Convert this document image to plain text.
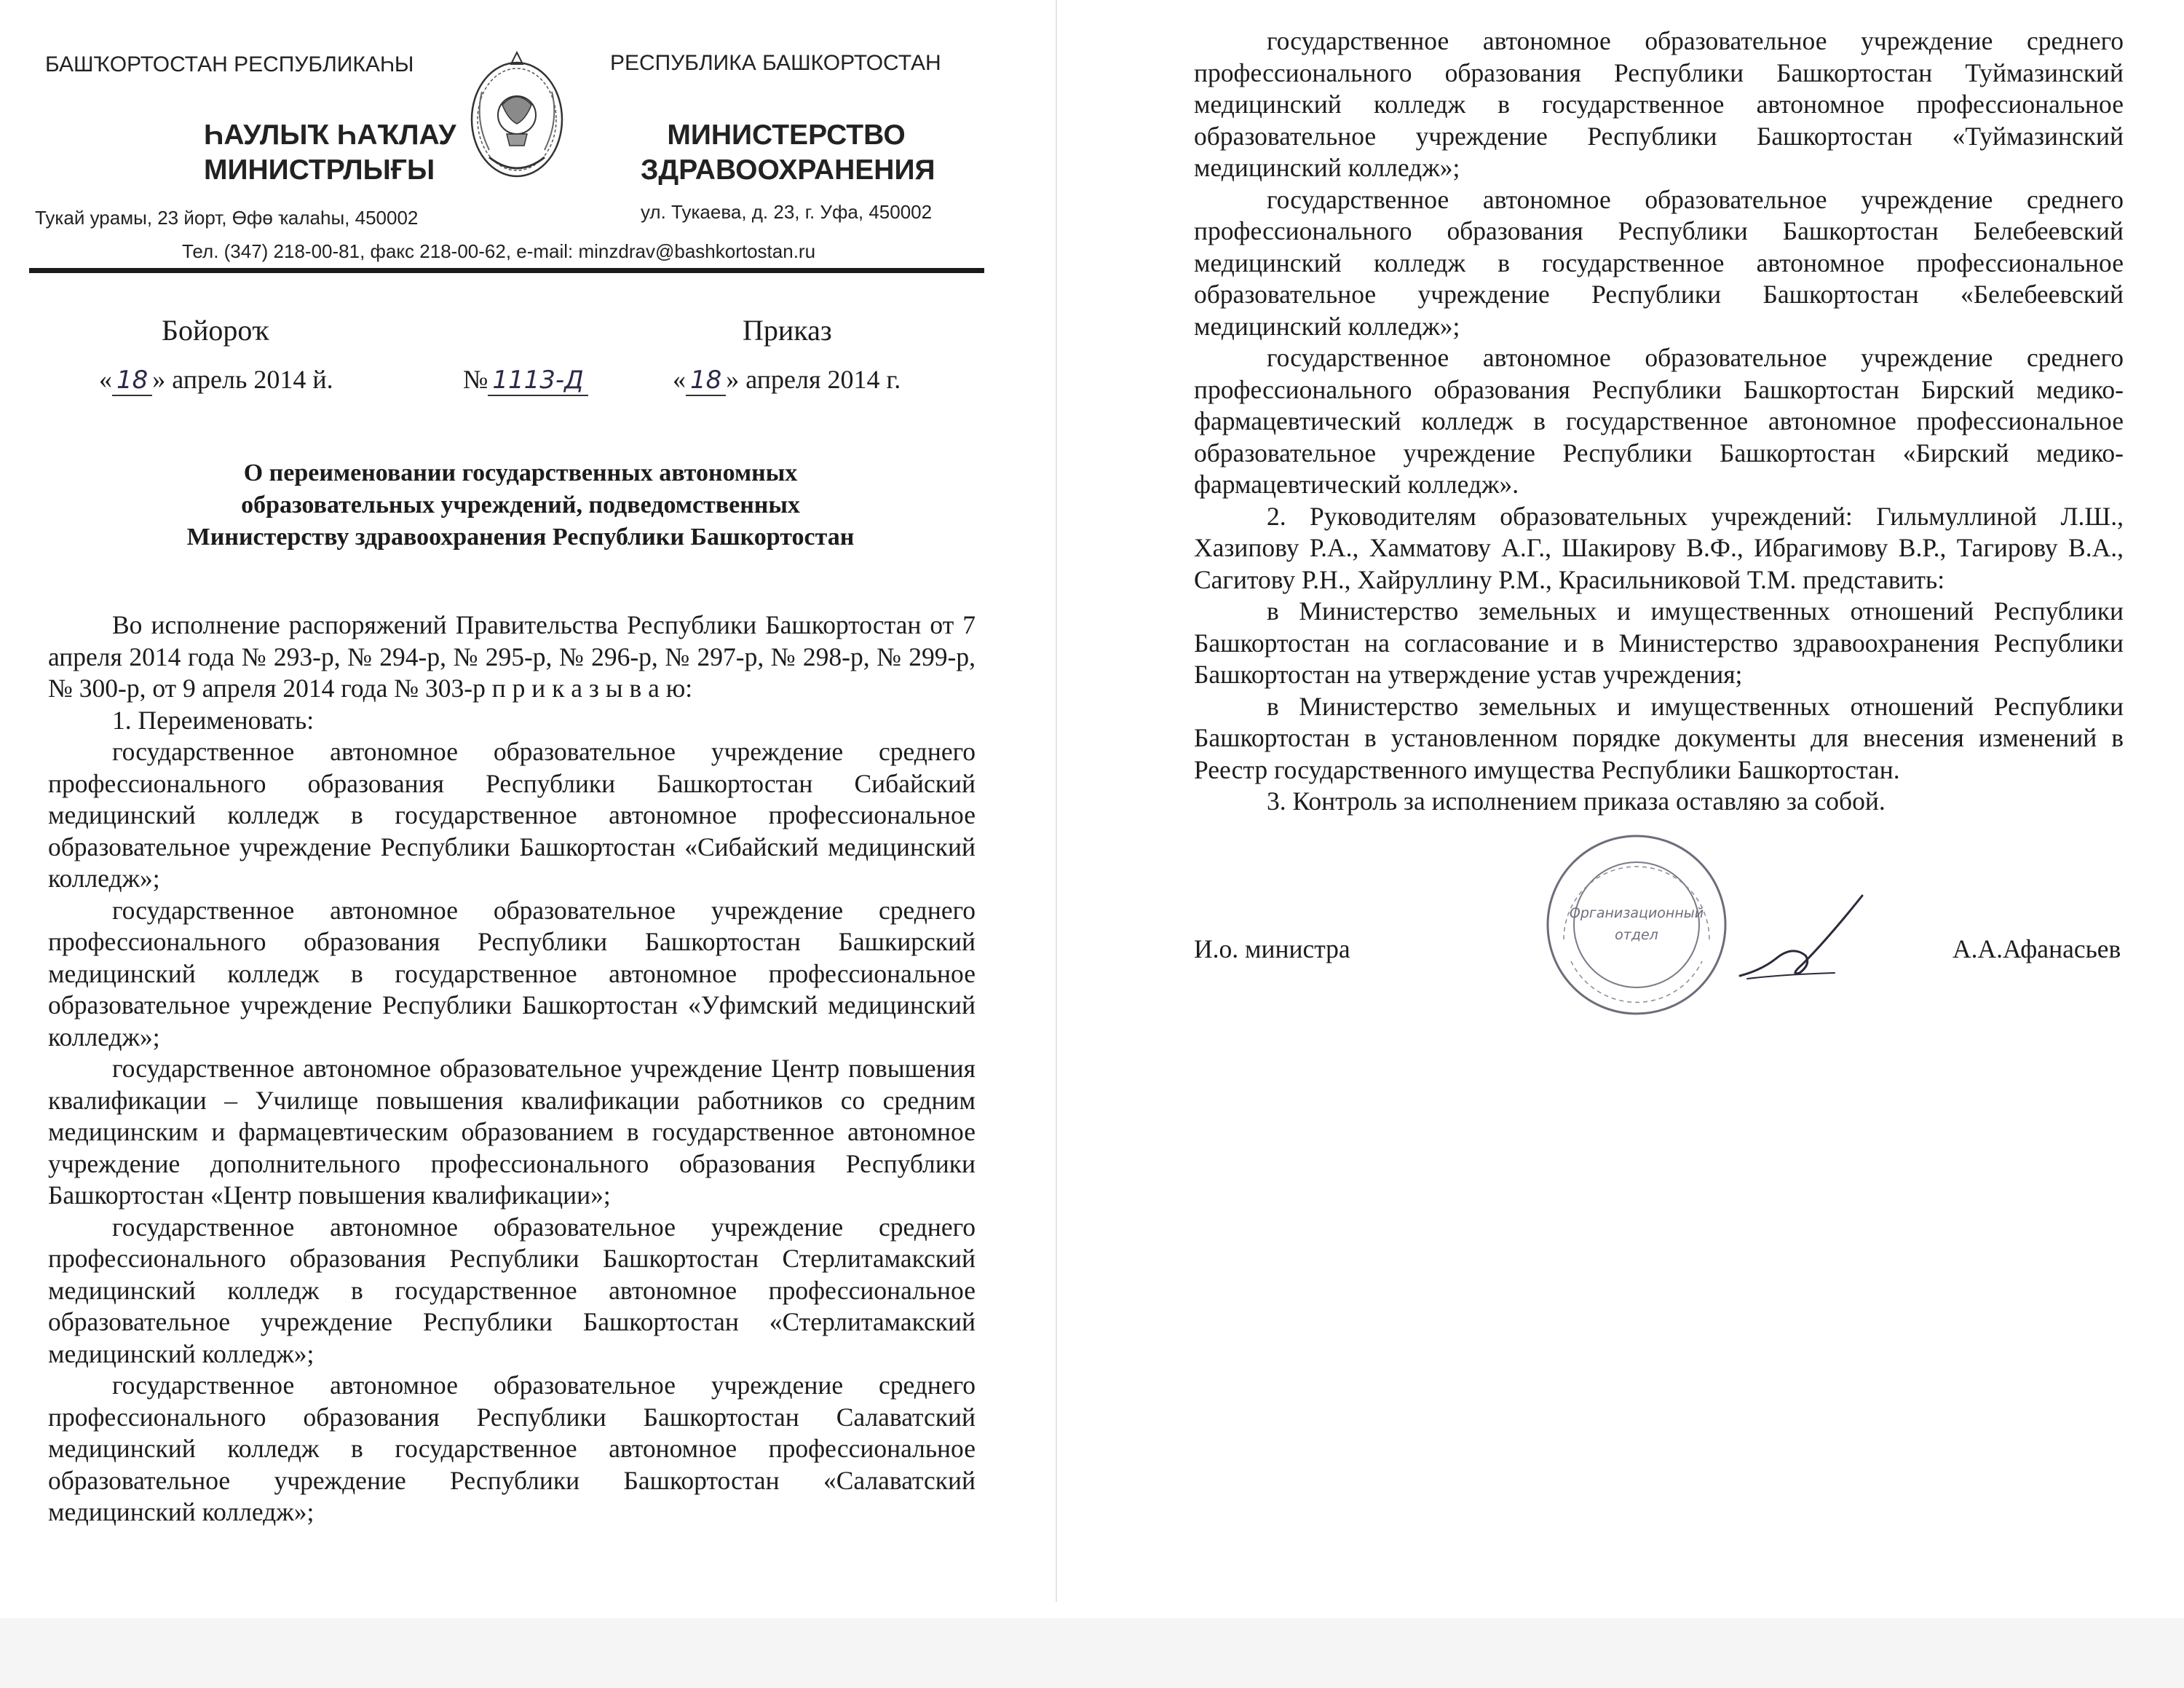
БАШҠОРТОСТАН РЕСПУБЛИКАҺЫ	РЕСПУБЛИКА БАШКОРТОСТАН
ҺАУЛЫҠ ҺАҠЛАУ
МИНИСТРЛЫҒЫ
МИНИСТЕРСТВО
ЗДРАВООХРАНЕНИЯ
Тукай урамы, 23 йорт, Өфө ҡалаһы, 450002	ул. Тукаева, д. 23, г. Уфа, 450002
Тел. (347) 218-00-81, факс 218-00-62, e-mail: minzdrav@bashkortostan.ru
Бойороҡ	Приказ
« 18 » апрель 2014 й.	№ 1113-Д	« 18 » апреля 2014 г.
О переименовании государственных автономных
образовательных учреждений, подведомственных
Министерству здравоохранения Республики Башкортостан

Во исполнение распоряжений Правительства Республики Башкортостан от 7 апреля 2014 года № 293-р, № 294-р, № 295-р, № 296-р, № 297-р, № 298-р, № 299-р, № 300-р, от 9 апреля 2014 года № 303-р п р и к а з ы в а ю:

1. Переименовать:

государственное автономное образовательное учреждение среднего профессионального образования Республики Башкортостан Сибайский медицинский колледж в государственное автономное профессиональное образовательное учреждение Республики Башкортостан «Сибайский медицинский колледж»;

государственное автономное образовательное учреждение среднего профессионального образования Республики Башкортостан Башкирский медицинский колледж в государственное автономное профессиональное образовательное учреждение Республики Башкортостан «Уфимский медицинский колледж»;

государственное автономное образовательное учреждение Центр повышения квалификации – Училище повышения квалификации работников со средним медицинским и фармацевтическим образованием в государственное автономное учреждение дополнительного профессионального образования Республики Башкортостан «Центр повышения квалификации»;

государственное автономное образовательное учреждение среднего профессионального образования Республики Башкортостан Стерлитамакский медицинский колледж в государственное автономное профессиональное образовательное учреждение Республики Башкортостан «Стерлитамакский медицинский колледж»;

государственное автономное образовательное учреждение среднего профессионального образования Республики Башкортостан Салаватский медицинский колледж в государственное автономное профессиональное образовательное учреждение Республики Башкортостан «Салаватский медицинский колледж»;

государственное автономное образовательное учреждение среднего профессионального образования Республики Башкортостан Туймазинский медицинский колледж в государственное автономное профессиональное образовательное учреждение Республики Башкортостан «Туймазинский медицинский колледж»;

государственное автономное образовательное учреждение среднего профессионального образования Республики Башкортостан Белебеевский медицинский колледж в государственное автономное профессиональное образовательное учреждение Республики Башкортостан «Белебеевский медицинский колледж»;

государственное автономное образовательное учреждение среднего профессионального образования Республики Башкортостан Бирский медико-фармацевтический колледж в государственное автономное профессиональное образовательное учреждение Республики Башкортостан «Бирский медико-фармацевтический колледж».

2. Руководителям образовательных учреждений: Гильмуллиной Л.Ш., Хазипову Р.А., Хамматову А.Г., Шакирову В.Ф., Ибрагимову В.Р., Тагирову В.А., Сагитову Р.Н., Хайруллину Р.М., Красильниковой Т.М. представить:

в Министерство земельных и имущественных отношений Республики Башкортостан на согласование и в Министерство здравоохранения Республики Башкортостан на утверждение устав учреждения;

в Министерство земельных и имущественных отношений Республики Башкортостан в установленном порядке документы для внесения изменений в Реестр государственного имущества Республики Башкортостан.

3. Контроль за исполнением приказа оставляю за собой.

И.о. министра	А.А.Афанасьев
Организационный
отдел
